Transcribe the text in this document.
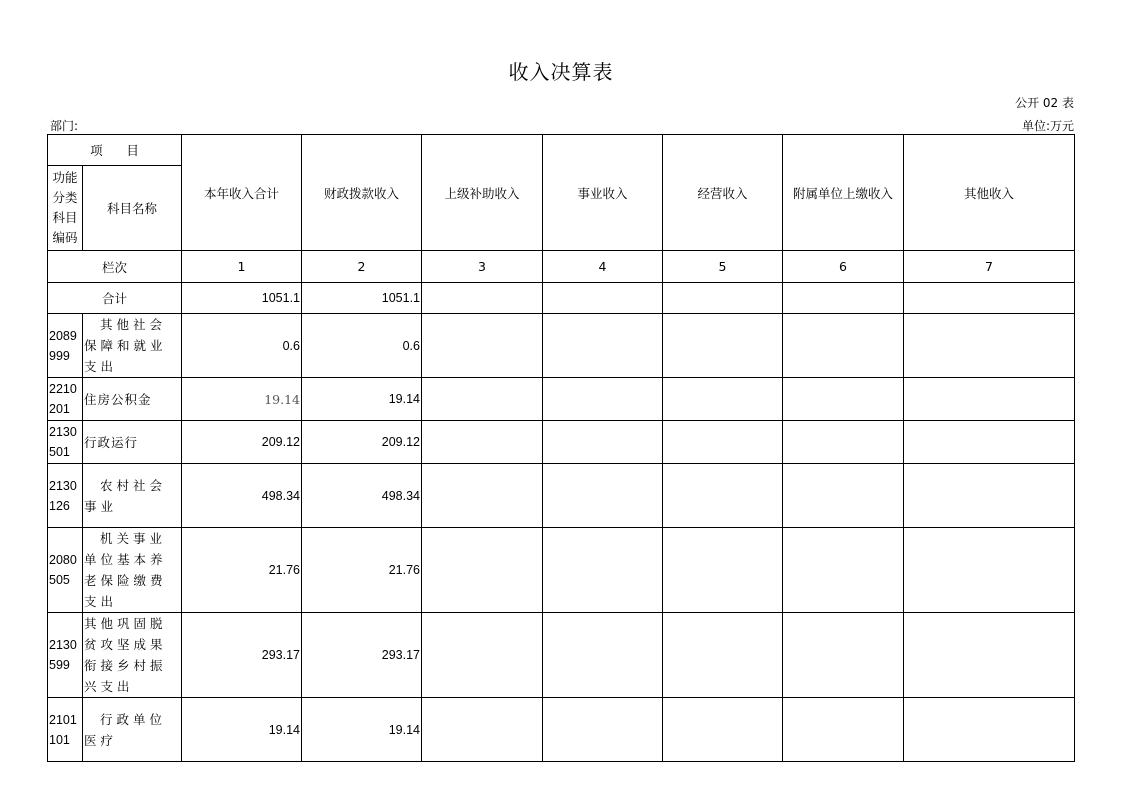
收入决算表
公开 02 表
部门:	单位:万元
项      目		本年收入合计	财政拨款收入	上级补助收入	事业收入	经营收入	附属单位上缴收入	其他收入

功能分类科目编码	科目名称							
栏次		1	2	3	4	5	6	7
合计		1051.1	1051.1					
2089999	其他社会保障和就业支出	0.6	0.6					
2210201	住房公积金	19.14	19.14					
2130501	行政运行	209.12	209.12					
2130126	农村社会事业	498.34	498.34					
2080505	机关事业单位基本养老保险缴费支出	21.76	21.76					
2130599	其他巩固脱贫攻坚成果衔接乡村振兴支出	293.17	293.17					
2101101	行政单位医疗	19.14	19.14					
